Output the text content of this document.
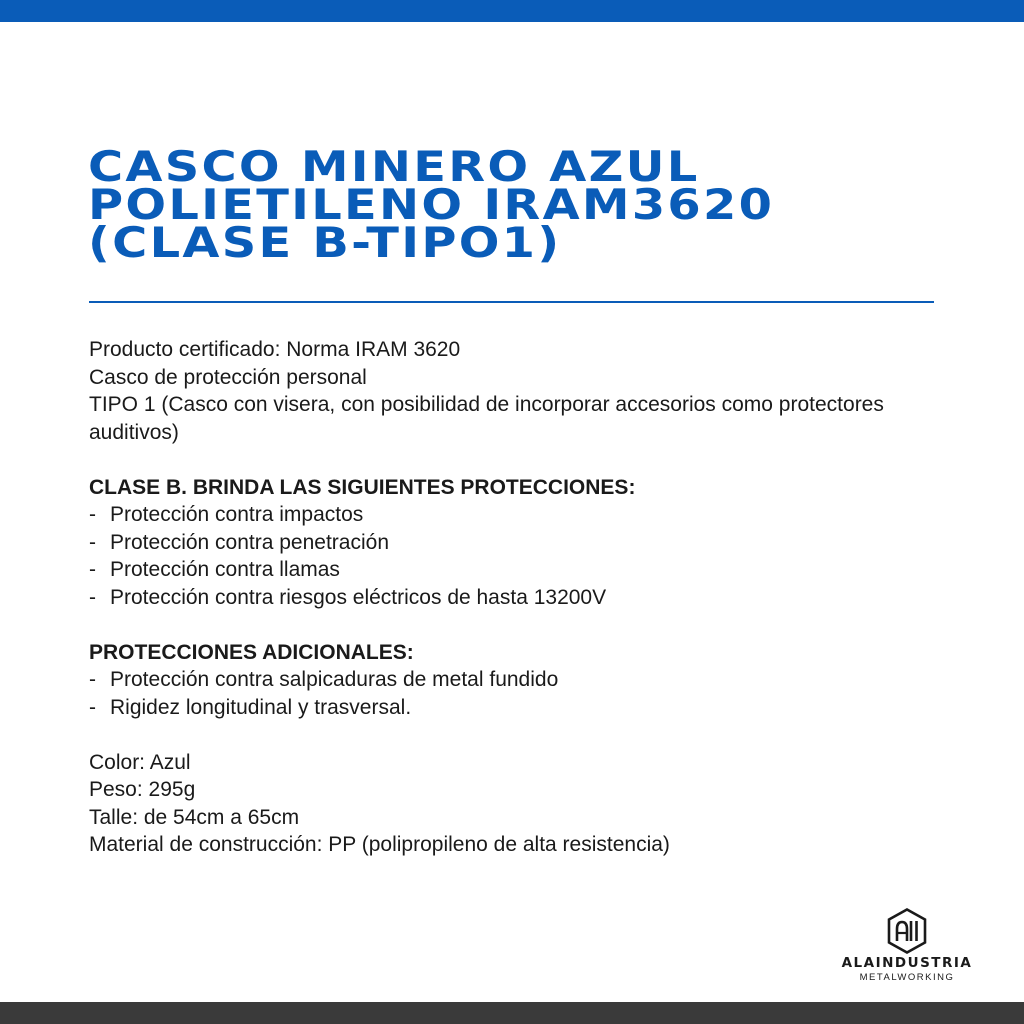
CASCO MINERO AZUL
POLIETILENO IRAM3620
(CLASE B-TIPO1)

Producto certificado: Norma IRAM 3620

Casco de protección personal

TIPO 1 (Casco con visera, con posibilidad de incorporar accesorios como protectores auditivos)

CLASE B. BRINDA LAS SIGUIENTES PROTECCIONES:

- Protección contra impactos
- Protección contra penetración
- Protección contra llamas
- Protección contra riesgos eléctricos de hasta 13200V

PROTECCIONES ADICIONALES:

- Protección contra salpicaduras de metal fundido
- Rigidez longitudinal y trasversal.

Color: Azul

Peso: 295g

Talle: de 54cm a 65cm

Material de construcción: PP (polipropileno de alta resistencia)

ALAINDUSTRIA
METALWORKING
